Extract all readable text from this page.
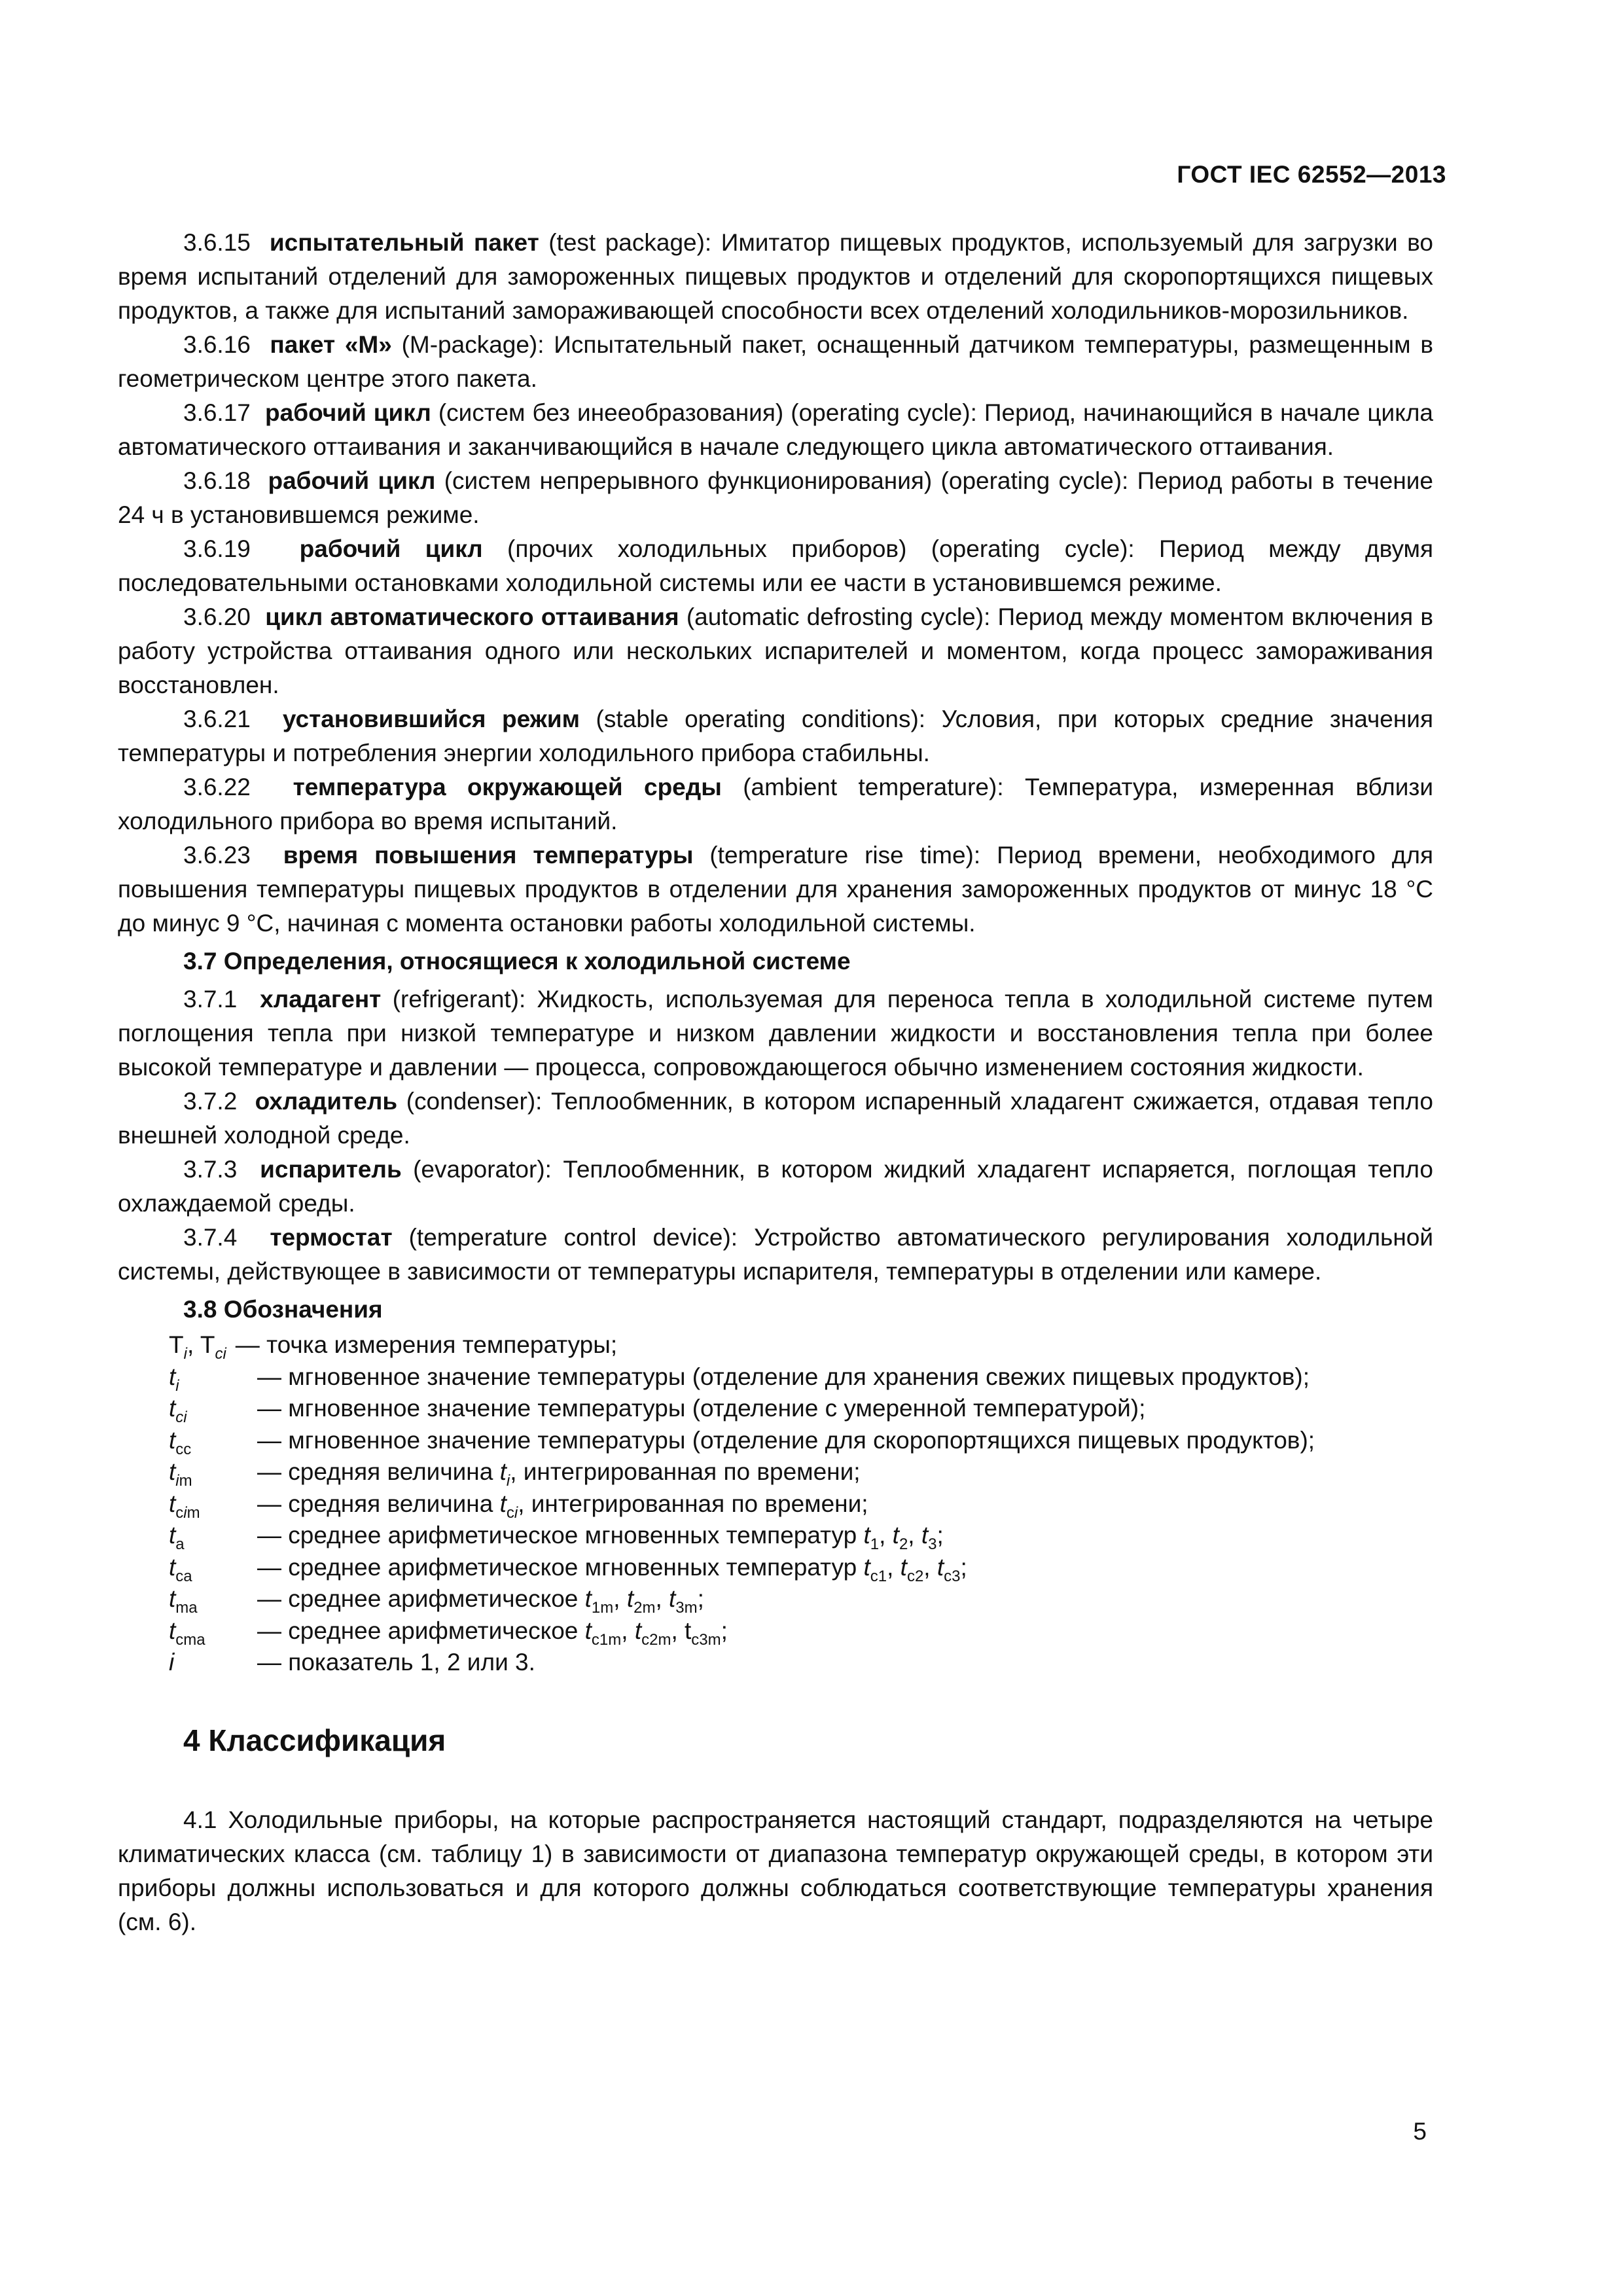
ГОСТ IEC 62552—2013

3.6.15 испытательный пакет (test package): Имитатор пищевых продуктов, используемый для загрузки во время испытаний отделений для замороженных пищевых продуктов и отделений для скоропортящихся пищевых продуктов, а также для испытаний замораживающей способности всех отделений холодильников-морозильников.

3.6.16 пакет «М» (M-package): Испытательный пакет, оснащенный датчиком температуры, размещенным в геометрическом центре этого пакета.

3.6.17 рабочий цикл (систем без инеeобразования) (operating cycle): Период, начинающийся в начале цикла автоматического оттаивания и заканчивающийся в начале следующего цикла автоматического оттаивания.

3.6.18 рабочий цикл (систем непрерывного функционирования) (operating cycle): Период работы в течение 24 ч в установившемся режиме.

3.6.19 рабочий цикл (прочих холодильных приборов) (operating cycle): Период между двумя последовательными остановками холодильной системы или ее части в установившемся режиме.

3.6.20 цикл автоматического оттаивания (automatic defrosting cycle): Период между моментом включения в работу устройства оттаивания одного или нескольких испарителей и моментом, когда процесс замораживания восстановлен.

3.6.21 установившийся режим (stable operating conditions): Условия, при которых средние значения температуры и потребления энергии холодильного прибора стабильны.

3.6.22 температура окружающей среды (ambient temperature): Температура, измеренная вблизи холодильного прибора во время испытаний.

3.6.23 время повышения температуры (temperature rise time): Период времени, необходимого для повышения температуры пищевых продуктов в отделении для хранения замороженных продуктов от минус 18 °С до минус 9 °С, начиная с момента остановки работы холодильной системы.

3.7 Определения, относящиеся к холодильной системе

3.7.1 хладагент (refrigerant): Жидкость, используемая для переноса тепла в холодильной системе путем поглощения тепла при низкой температуре и низком давлении жидкости и восстановления тепла при более высокой температуре и давлении — процесса, сопровождающегося обычно изменением состояния жидкости.

3.7.2 охладитель (condenser): Теплообменник, в котором испаренный хладагент сжижается, отдавая тепло внешней холодной среде.

3.7.3 испаритель (evaporator): Теплообменник, в котором жидкий хладагент испаряется, поглощая тепло охлаждаемой среды.

3.7.4 термостат (temperature control device): Устройство автоматического регулирования холодильной системы, действующее в зависимости от температуры испарителя, температуры в отделении или камере.

3.8 Обозначения

$T_i$, $T_{ci}$ — точка измерения температуры;
$t_i$	— мгновенное значение температуры (отделение для хранения свежих пищевых продуктов);
$t_{ci}$	— мгновенное значение температуры (отделение с умеренной температурой);
$t_{cc}$	— мгновенное значение температуры (отделение для скоропортящихся пищевых продуктов);
$t_{im}$	— средняя величина $t_i$, интегрированная по времени;
$t_{cim}$	— средняя величина $t_{ci}$, интегрированная по времени;
$t_a$	— среднее арифметическое мгновенных температур $t_1$, $t_2$, $t_3$;
$t_{ca}$	— среднее арифметическое мгновенных температур $t_{c1}$, $t_{c2}$, $t_{c3}$;
$t_{ma}$	— среднее арифметическое $t_{1m}$, $t_{2m}$, $t_{3m}$;
$t_{cma}$	— среднее арифметическое $t_{c1m}$, $t_{c2m}$, $t_{c3m}$;
i	— показатель 1, 2 или 3.
4 Классификация

4.1 Холодильные приборы, на которые распространяется настоящий стандарт, подразделяются на четыре климатических класса (см. таблицу 1) в зависимости от диапазона температур окружающей среды, в котором эти приборы должны использоваться и для которого должны соблюдаться соответствующие температуры хранения (см. 6).

5
